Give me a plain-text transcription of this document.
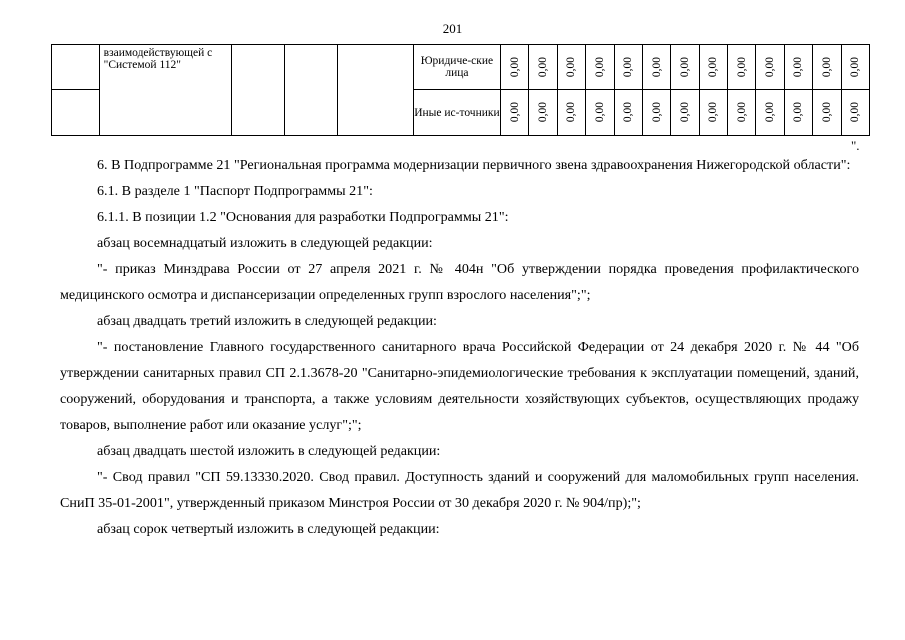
201
	взаимодействующей с "Системой 112"				Юридиче-ские лица	0,00	0,00	0,00	0,00	0,00	0,00	0,00	0,00	0,00	0,00	0,00	0,00	0,00

					Иные ис-точники	0,00	0,00	0,00	0,00	0,00	0,00	0,00	0,00	0,00	0,00	0,00	0,00	0,00
".

6. В Подпрограмме 21 "Региональная программа модернизации первичного звена здравоохранения Нижегородской области":

6.1. В разделе 1 "Паспорт Подпрограммы 21":

6.1.1. В позиции 1.2 "Основания для разработки Подпрограммы 21":

абзац восемнадцатый изложить в следующей редакции:

"- приказ Минздрава России от 27 апреля 2021 г. № 404н "Об утверждении порядка проведения профилактического медицинского осмотра и диспансеризации определенных групп взрослого населения";";

абзац двадцать третий изложить в следующей редакции:

"- постановление Главного государственного санитарного врача Российской Федерации от 24 декабря 2020 г. № 44 "Об утверждении санитарных правил СП 2.1.3678-20 "Санитарно-эпидемиологические требования к эксплуатации помещений, зданий, сооружений, оборудования и транспорта, а также условиям деятельности хозяйствующих субъектов, осуществляющих продажу товаров, выполнение работ или оказание услуг";";

абзац двадцать шестой изложить в следующей редакции:

"- Свод правил "СП 59.13330.2020. Свод правил. Доступность зданий и сооружений для маломобильных групп населения. СниП 35-01-2001", утвержденный приказом Минстроя России от 30 декабря 2020 г. № 904/пр);";

абзац сорок четвертый изложить в следующей редакции:
